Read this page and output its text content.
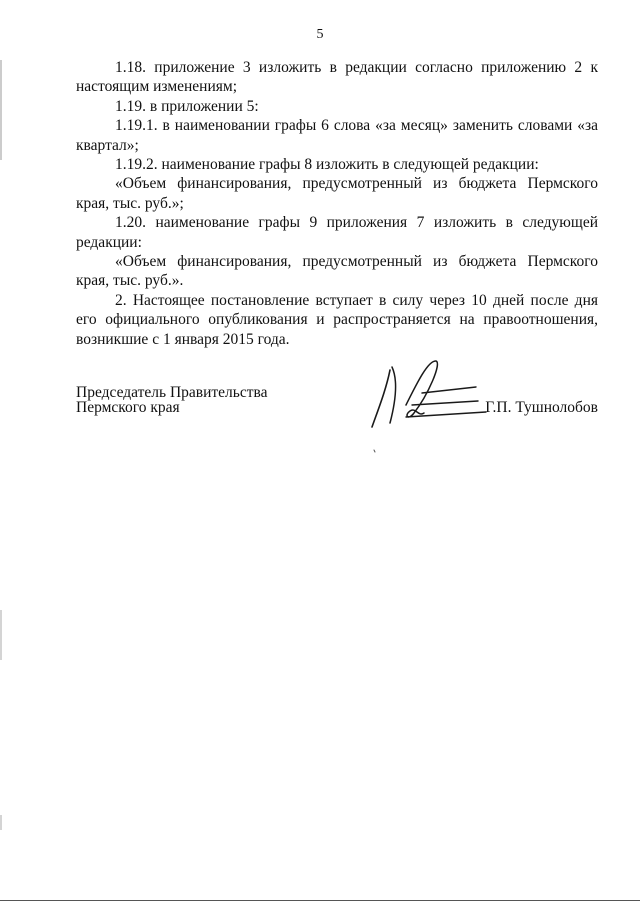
5

1.18. приложение 3 изложить в редакции согласно приложению 2 к настоящим изменениям;

1.19. в приложении 5:

1.19.1. в наименовании графы 6 слова «за месяц» заменить словами «за квартал»;

1.19.2. наименование графы 8 изложить в следующей редакции:

«Объем финансирования, предусмотренный из бюджета Пермского края, тыс. руб.»;

1.20. наименование графы 9 приложения 7 изложить в следующей редакции:

«Объем финансирования, предусмотренный из бюджета Пермского края, тыс. руб.».

2. Настоящее постановление вступает в силу через 10 дней после дня его официального опубликования и распространяется на правоотношения, возникшие с 1 января 2015 года.

Председатель Правительства
Пермского края	Г.П. Тушнолобов
